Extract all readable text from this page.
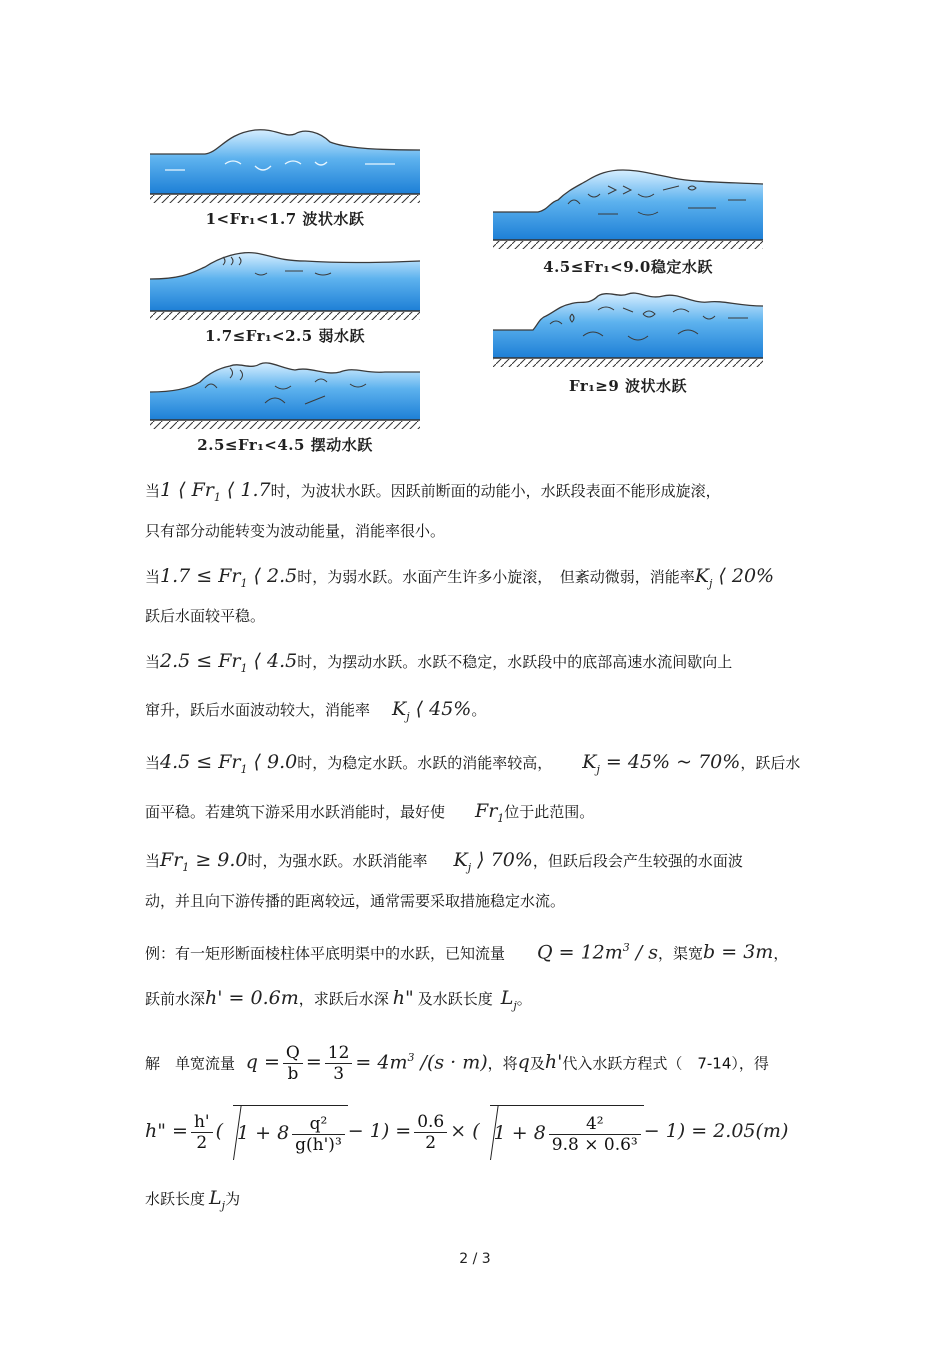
1<Fr₁<1.7 波状水跃
1.7≤Fr₁<2.5 弱水跃
2.5≤Fr₁<4.5 摆动水跃
4.5≤Fr₁<9.0稳定水跃
Fr₁≥9 波状水跃
当1 ⟨ $Fr_1$ ⟨ 1.7时，为波状水跃。因跃前断面的动能小，水跃段表面不能形成旋滚，
只有部分动能转变为波动能量，消能率很小。
当$1.7 \le Fr_1$ ⟨ 2.5时，为弱水跃。水面产生许多小旋滚，　但紊动微弱，消能率$K_j$ ⟨ 20%
跃后水面较平稳。
当$2.5 \le Fr_1$ ⟨ 4.5时，为摆动水跃。水跃不稳定，水跃段中的底部高速水流间歇向上
窜升，跃后水面波动较大，消能率 $K_j$ ⟨ 45%。
当$4.5 \le Fr_1$ ⟨ 9.0时，为稳定水跃。水跃的消能率较高， $K_j = 45\%$ ~ 70%，跃后水
面平稳。若建筑下游采用水跃消能时，最好使 $Fr_1$位于此范围。
当$Fr_1 \ge 9.0$时，为强水跃。水跃消能率 $K_j$ ⟩ 70%，但跃后段会产生较强的水面波
动，并且向下游传播的距离较远，通常需要采取措施稳定水流。
例：有一矩形断面棱柱体平底明渠中的水跃，已知流量 $Q = 12m^3 / s$，渠宽b = 3m，
跃前水深h' = 0.6m，求跃后水深 h" 及水跃长度 $L_j$。
解　单宽流量 $q = \frac{Q}{b} = \frac{12}{3} = 4m^3$ /(s · m)，将q及h'代入水跃方程式（　7-14），得
h" = $\frac{h'}{2}$ ( $1 + 8 \frac{\text{q²}}{\text{g(h')³}} - 1) = \frac{0.6}{2}$ × ( $1 + 8 \frac{\text{4²}}{\text{9.8 × 0.6³}} - 1) = 2.05(m)$
水跃长度 $L_j$为
2 / 3
